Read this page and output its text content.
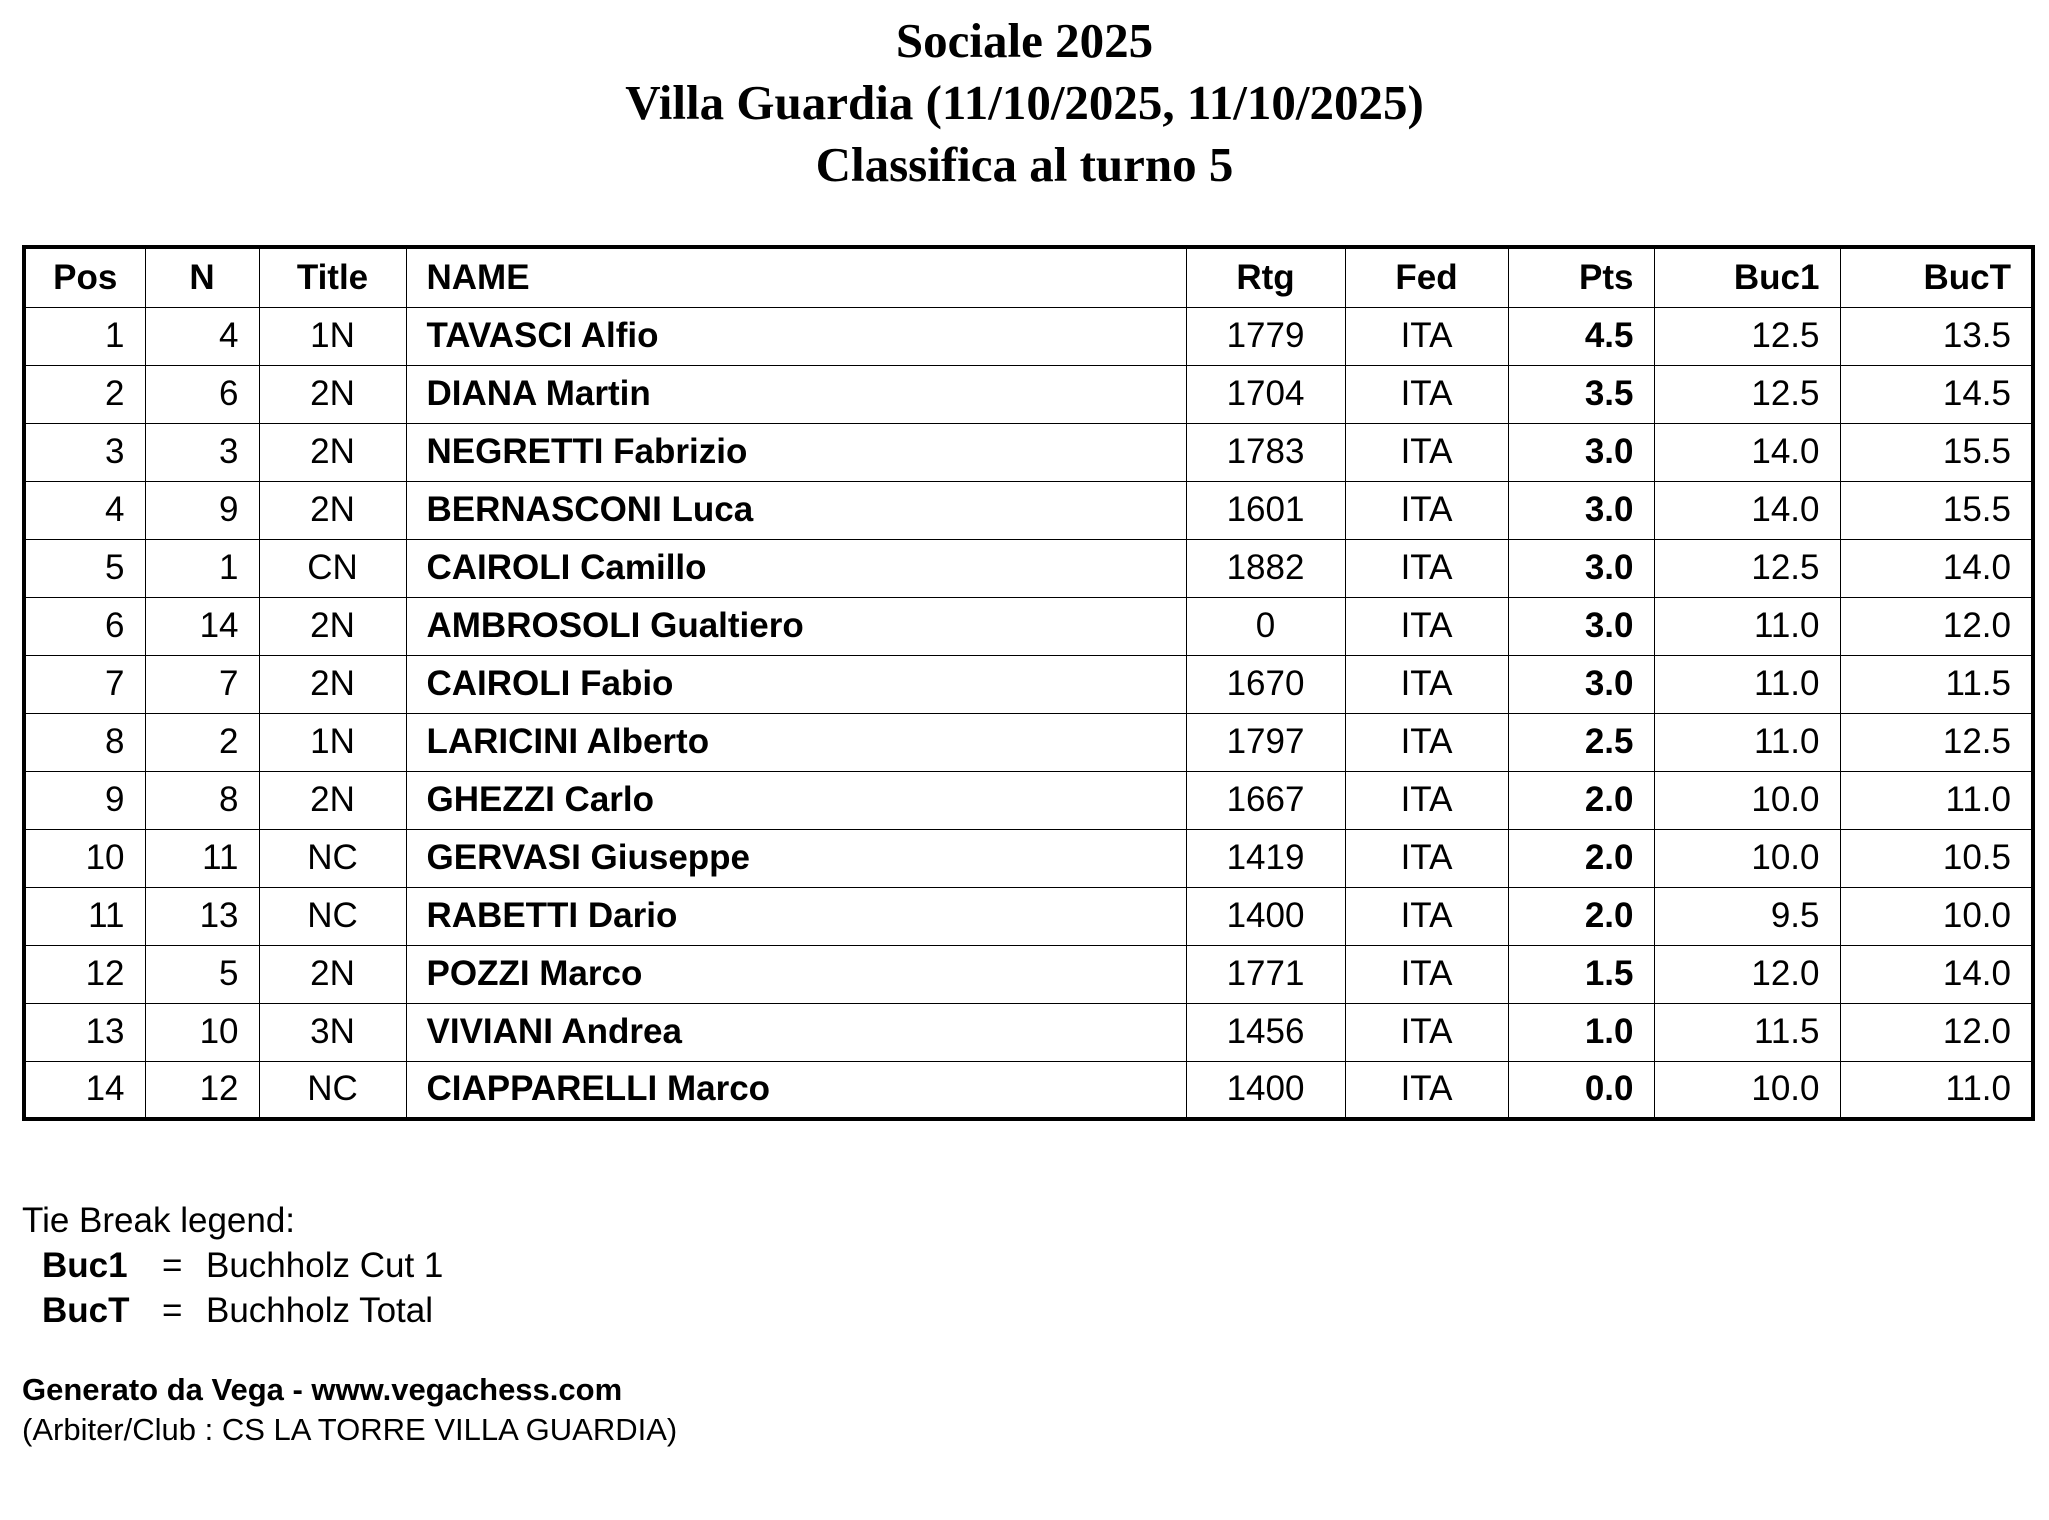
Sociale 2025
Villa Guardia (11/10/2025, 11/10/2025)
Classifica al turno 5
Pos	N	Title	NAME	Rtg	Fed	Pts	Buc1	BucT
1	4	1N	TAVASCI Alfio	1779	ITA	4.5	12.5	13.5
2	6	2N	DIANA Martin	1704	ITA	3.5	12.5	14.5
3	3	2N	NEGRETTI Fabrizio	1783	ITA	3.0	14.0	15.5
4	9	2N	BERNASCONI Luca	1601	ITA	3.0	14.0	15.5
5	1	CN	CAIROLI Camillo	1882	ITA	3.0	12.5	14.0
6	14	2N	AMBROSOLI Gualtiero	0	ITA	3.0	11.0	12.0
7	7	2N	CAIROLI Fabio	1670	ITA	3.0	11.0	11.5
8	2	1N	LARICINI Alberto	1797	ITA	2.5	11.0	12.5
9	8	2N	GHEZZI Carlo	1667	ITA	2.0	10.0	11.0
10	11	NC	GERVASI Giuseppe	1419	ITA	2.0	10.0	10.5
11	13	NC	RABETTI Dario	1400	ITA	2.0	9.5	10.0
12	5	2N	POZZI Marco	1771	ITA	1.5	12.0	14.0
13	10	3N	VIVIANI Andrea	1456	ITA	1.0	11.5	12.0
14	12	NC	CIAPPARELLI Marco	1400	ITA	0.0	10.0	11.0
Tie Break legend:
Buc1 = Buchholz Cut 1
BucT = Buchholz Total
Generato da Vega - www.vegachess.com
(Arbiter/Club : CS LA TORRE VILLA GUARDIA)
